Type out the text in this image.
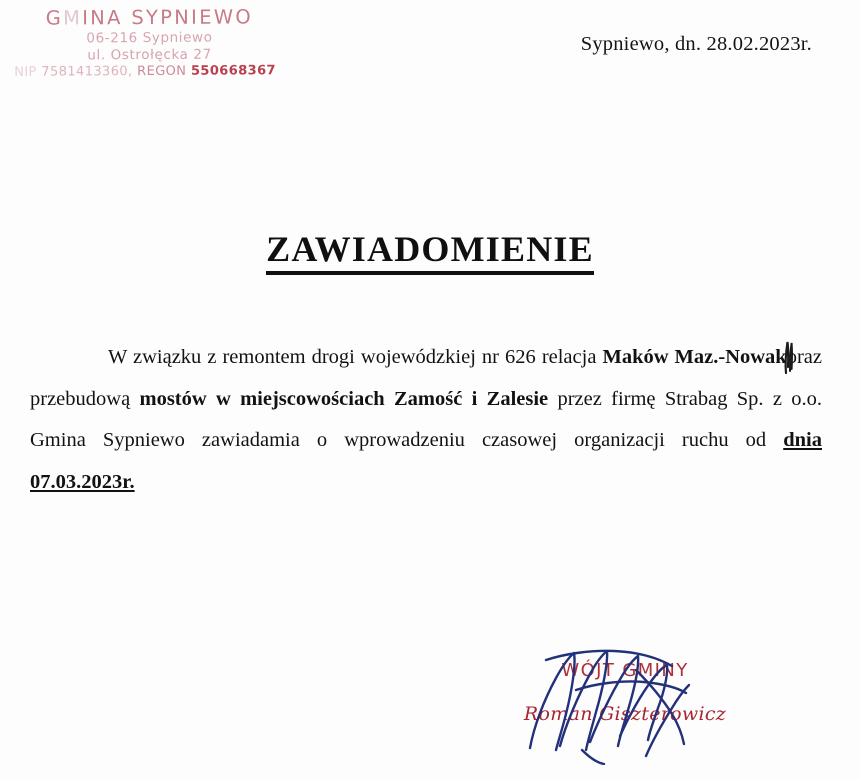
GMINA SYPNIEWO
06-216 Sypniewo
ul. Ostrołęcka 27
NIP 7581413360, REGON 550668367
Sypniewo, dn. 28.02.2023r.
ZAWIADOMIENIE
W związku z remontem drogi wojewódzkiej nr 626 relacja Maków Maz.-Nowak
oraz przebudową mostów w miejscowościach Zamość i Zalesie przez firmę Strabag Sp. z o.o. Gmina Sypniewo zawiadamia o wprowadzeniu czasowej organizacji ruchu od dnia 07.03.2023r.
WÓJT GMINY
Roman Giszterowicz
